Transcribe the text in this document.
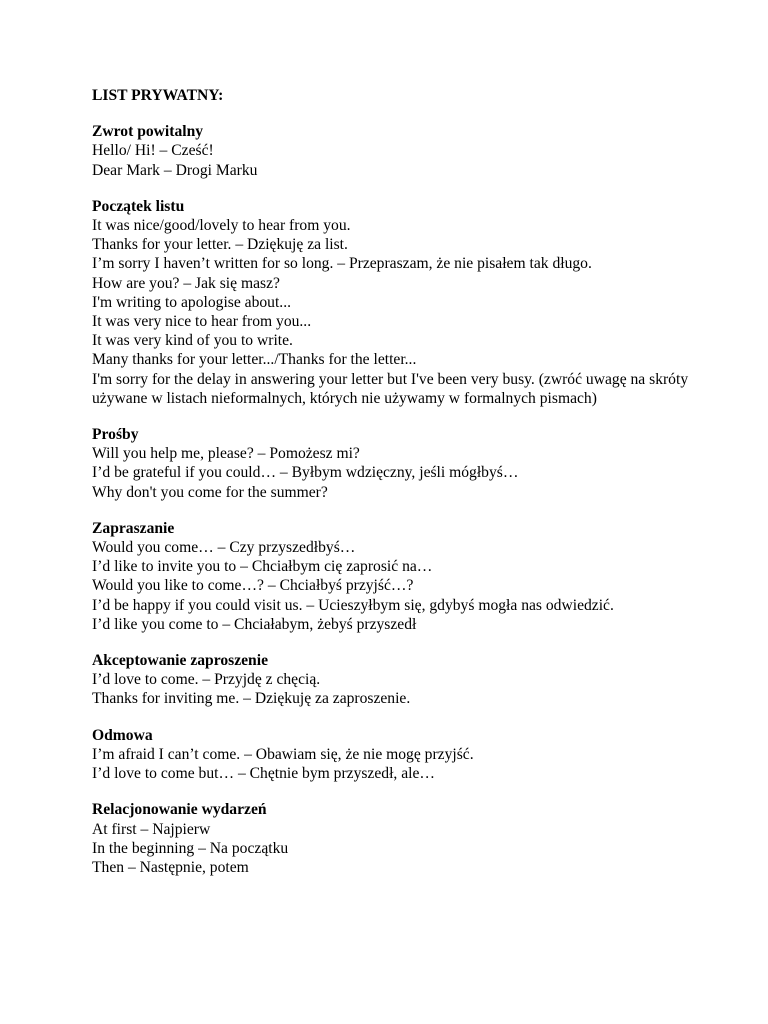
LIST PRYWATNY:
Zwrot powitalny
Hello/ Hi! – Cześć!
Dear Mark – Drogi Marku
Początek listu
It was nice/good/lovely to hear from you.
Thanks for your letter. – Dziękuję za list.
I’m sorry I haven’t written for so long. – Przepraszam, że nie pisałem tak długo.
How are you? – Jak się masz?
I'm writing to apologise about...
It was very nice to hear from you...
It was very kind of you to write.
Many thanks for your letter.../Thanks for the letter...
I'm sorry for the delay in answering your letter but I've been very busy. (zwróć uwagę na skróty używane w listach nieformalnych, których nie używamy w formalnych pismach)
Prośby
Will you help me, please? – Pomożesz mi?
I’d be grateful if you could… – Byłbym wdzięczny, jeśli mógłbyś…
Why don't you come for the summer?
Zapraszanie
Would you come… – Czy przyszedłbyś…
I’d like to invite you to – Chciałbym cię zaprosić na…
Would you like to come…? – Chciałbyś przyjść…?
I’d be happy if you could visit us. – Ucieszyłbym się, gdybyś mogła nas odwiedzić.
I’d like you come to – Chciałabym, żebyś przyszedł
Akceptowanie zaproszenie
I’d love to come. – Przyjdę z chęcią.
Thanks for inviting me. – Dziękuję za zaproszenie.
Odmowa
I’m afraid I can’t come. – Obawiam się, że nie mogę przyjść.
I’d love to come but… – Chętnie bym przyszedł, ale…
Relacjonowanie wydarzeń
At first – Najpierw
In the beginning – Na początku
Then – Następnie, potem
